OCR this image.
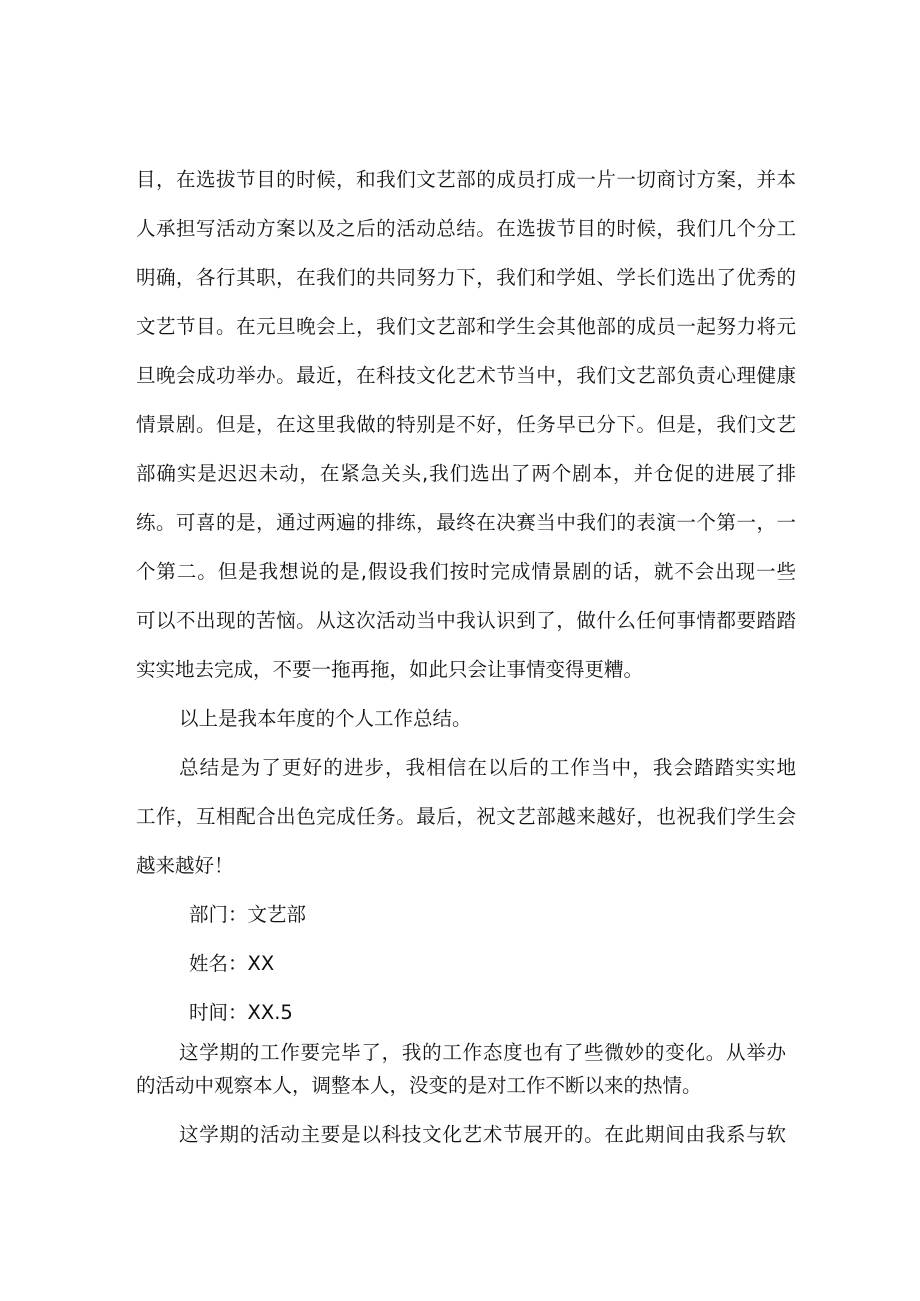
目，在选拔节目的时候，和我们文艺部的成员打成一片一切商讨方案，并本
人承担写活动方案以及之后的活动总结。在选拔节目的时候，我们几个分工
明确，各行其职，在我们的共同努力下，我们和学姐、学长们选出了优秀的
文艺节目。在元旦晚会上，我们文艺部和学生会其他部的成员一起努力将元
旦晚会成功举办。最近，在科技文化艺术节当中，我们文艺部负责心理健康
情景剧。但是，在这里我做的特别是不好，任务早已分下。但是，我们文艺
部确实是迟迟未动，在紧急关头,我们选出了两个剧本，并仓促的进展了排
练。可喜的是，通过两遍的排练，最终在决赛当中我们的表演一个第一，一
个第二。但是我想说的是,假设我们按时完成情景剧的话，就不会出现一些
可以不出现的苦恼。从这次活动当中我认识到了，做什么任何事情都要踏踏
实实地去完成，不要一拖再拖，如此只会让事情变得更糟。
以上是我本年度的个人工作总结。
总结是为了更好的进步，我相信在以后的工作当中，我会踏踏实实地
工作，互相配合出色完成任务。最后，祝文艺部越来越好，也祝我们学生会
越来越好！
部门：文艺部
姓名：XX
时间：XX.5
这学期的工作要完毕了，我的工作态度也有了些微妙的变化。从举办
的活动中观察本人，调整本人，没变的是对工作不断以来的热情。
这学期的活动主要是以科技文化艺术节展开的。在此期间由我系与软
